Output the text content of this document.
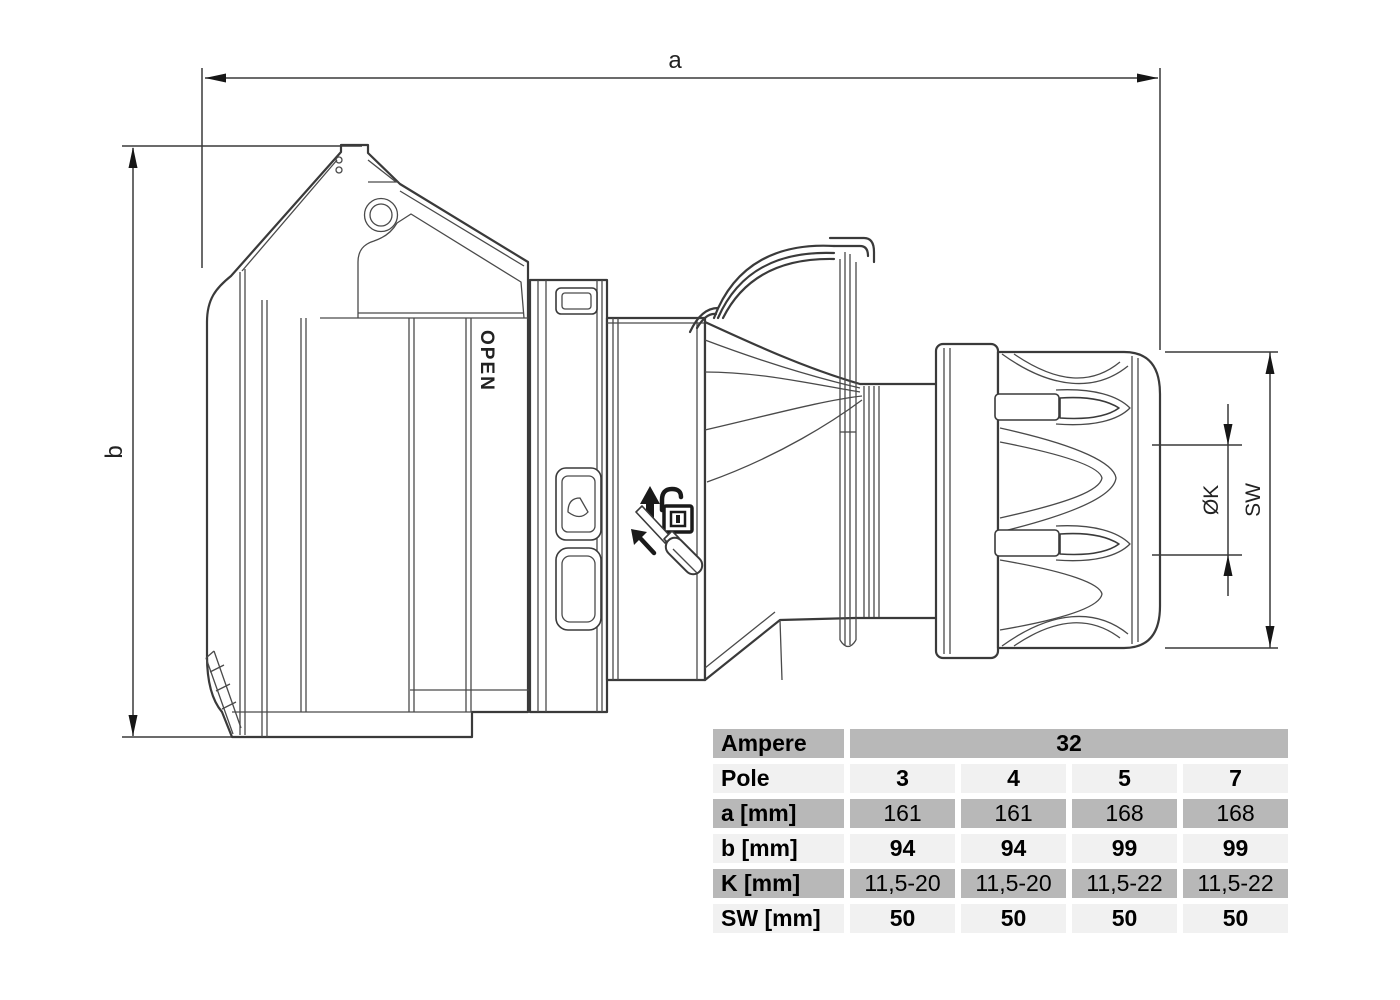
OPEN
a
b
ØK SW
Ampere	32
Pole	3	4	5	7
a [mm]	161	161	168	168
b [mm]	94	94	99	99
K [mm]	11,5-20	11,5-20	11,5-22	11,5-22
SW [mm]	50	50	50	50
